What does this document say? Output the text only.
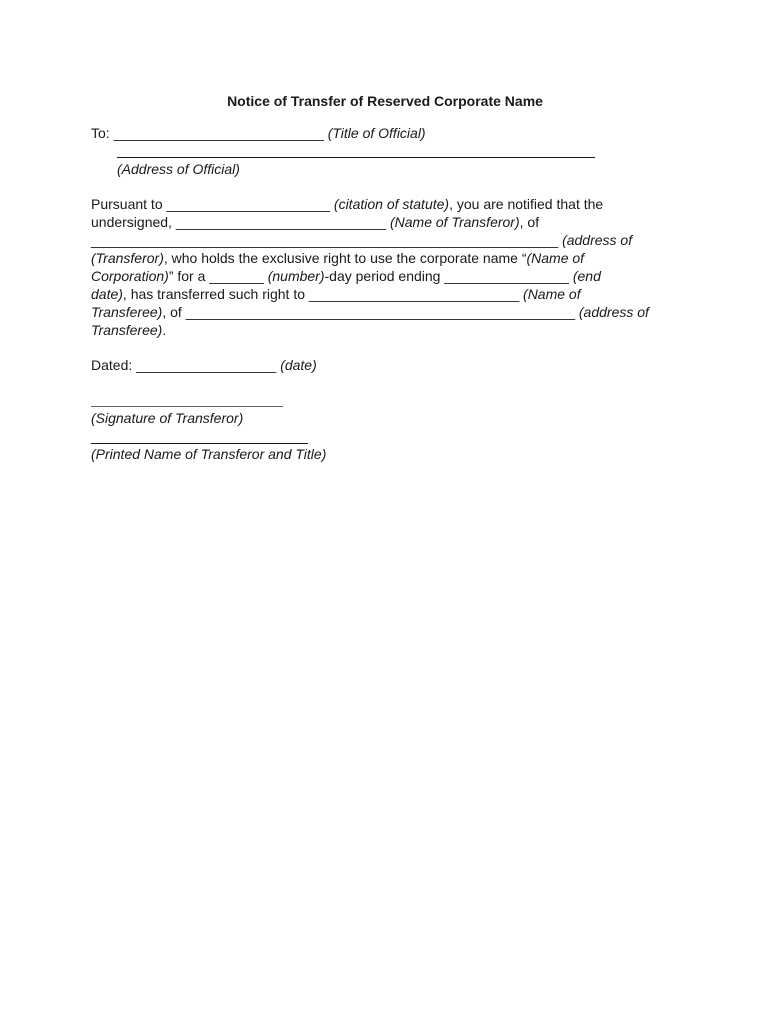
Notice of Transfer of Reserved Corporate Name
To: ___________________________ (Title of Official)
(Address of Official)
Pursuant to _____________________ (citation of statute), you are notified that the
undersigned, ___________________________ (Name of Transferor), of
____________________________________________________________ (address of
(Transferor), who holds the exclusive right to use the corporate name “(Name of
Corporation)” for a _______ (number)-day period ending ________________ (end
date), has transferred such right to ___________________________ (Name of
Transferee), of __________________________________________________ (address of
Transferee).
Dated: __________________ (date)
(Signature of Transferor)
(Printed Name of Transferor and Title)
